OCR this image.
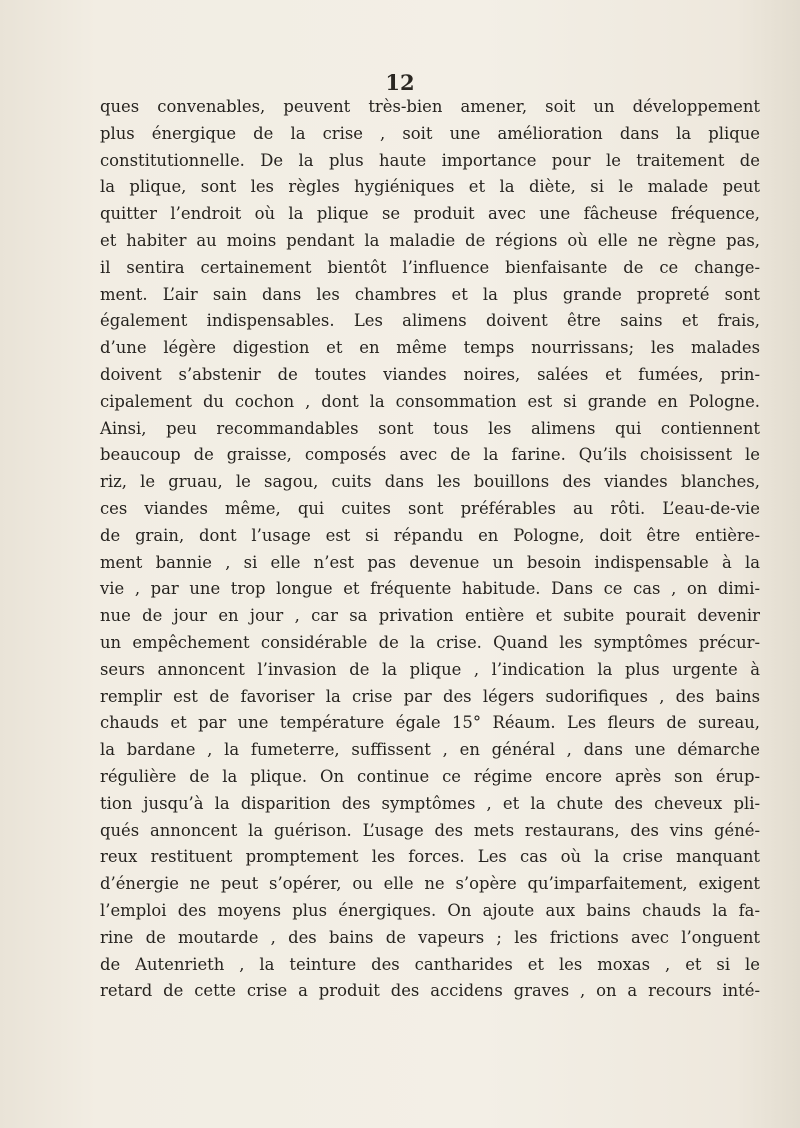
12
ques convenables, peuvent très-bien amener, soit un développement
plus énergique de la crise , soit une amélioration dans la plique
constitutionnelle. De la plus haute importance pour le traitement de
la plique, sont les règles hygiéniques et la diète, si le malade peut
quitter l’endroit où la plique se produit avec une fâcheuse fréquence,
et habiter au moins pendant la maladie de régions où elle ne règne pas,
il sentira certainement bientôt l’influence bienfaisante de ce change-
ment. L’air sain dans les chambres et la plus grande propreté sont
également indispensables. Les alimens doivent être sains et frais,
d’une légère digestion et en même temps nourrissans; les malades
doivent s’abstenir de toutes viandes noires, salées et fumées, prin-
cipalement du cochon , dont la consommation est si grande en Pologne.
Ainsi, peu recommandables sont tous les alimens qui contiennent
beaucoup de graisse, composés avec de la farine. Qu’ils choisissent le
riz, le gruau, le sagou, cuits dans les bouillons des viandes blanches,
ces viandes même, qui cuites sont préférables au rôti. L’eau-de-vie
de grain, dont l’usage est si répandu en Pologne, doit être entière-
ment bannie , si elle n’est pas devenue un besoin indispensable à la
vie , par une trop longue et fréquente habitude. Dans ce cas , on dimi-
nue de jour en jour , car sa privation entière et subite pourait devenir
un empêchement considérable de la crise. Quand les symptômes précur-
seurs annoncent l’invasion de la plique , l’indication la plus urgente à
remplir est de favoriser la crise par des légers sudorifiques , des bains
chauds et par une température égale 15° Réaum. Les fleurs de sureau,
la bardane , la fumeterre, suffissent , en général , dans une démarche
régulière de la plique. On continue ce régime encore après son érup-
tion jusqu’à la disparition des symptômes , et la chute des cheveux pli-
qués annoncent la guérison. L’usage des mets restaurans, des vins géné-
reux restituent promptement les forces. Les cas où la crise manquant
d’énergie ne peut s’opérer, ou elle ne s’opère qu’imparfaitement, exigent
l’emploi des moyens plus énergiques. On ajoute aux bains chauds la fa-
rine de moutarde , des bains de vapeurs ; les frictions avec l’onguent
de Autenrieth , la teinture des cantharides et les moxas , et si le
retard de cette crise a produit des accidens graves , on a recours inté-
